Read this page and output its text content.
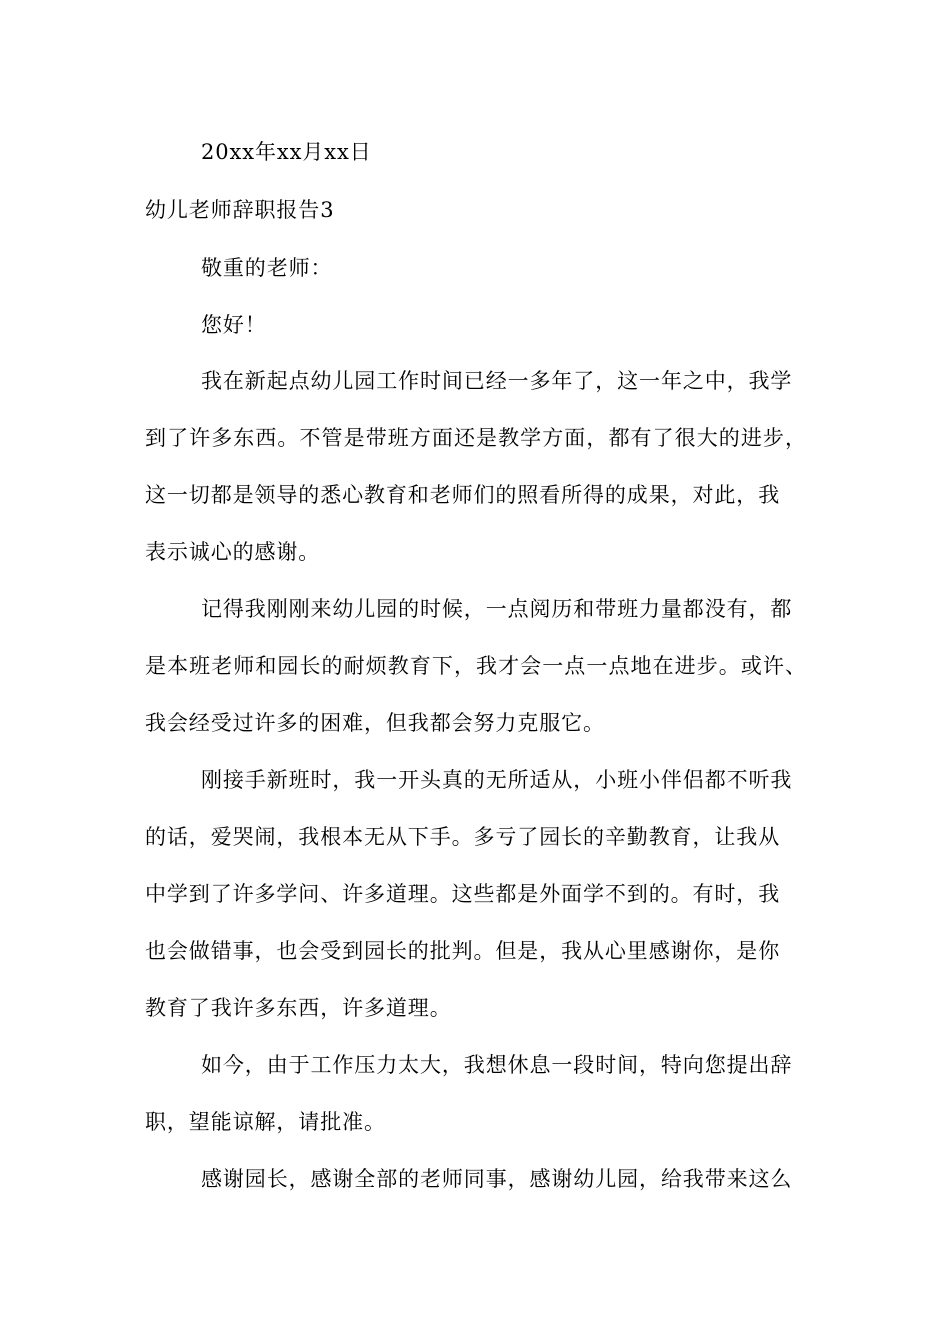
20xx年xx月xx日
幼儿老师辞职报告3
敬重的老师：
您好！
我在新起点幼儿园工作时间已经一多年了，这一年之中，我学
到了许多东西。不管是带班方面还是教学方面，都有了很大的进步，
这一切都是领导的悉心教育和老师们的照看所得的成果，对此，我
表示诚心的感谢。
记得我刚刚来幼儿园的时候，一点阅历和带班力量都没有，都
是本班老师和园长的耐烦教育下，我才会一点一点地在进步。或许、
我会经受过许多的困难，但我都会努力克服它。
刚接手新班时，我一开头真的无所适从，小班小伴侣都不听我
的话，爱哭闹，我根本无从下手。多亏了园长的辛勤教育，让我从
中学到了许多学问、许多道理。这些都是外面学不到的。有时，我
也会做错事，也会受到园长的批判。但是，我从心里感谢你，是你
教育了我许多东西，许多道理。
如今，由于工作压力太大，我想休息一段时间，特向您提出辞
职，望能谅解，请批准。
感谢园长，感谢全部的老师同事，感谢幼儿园，给我带来这么
